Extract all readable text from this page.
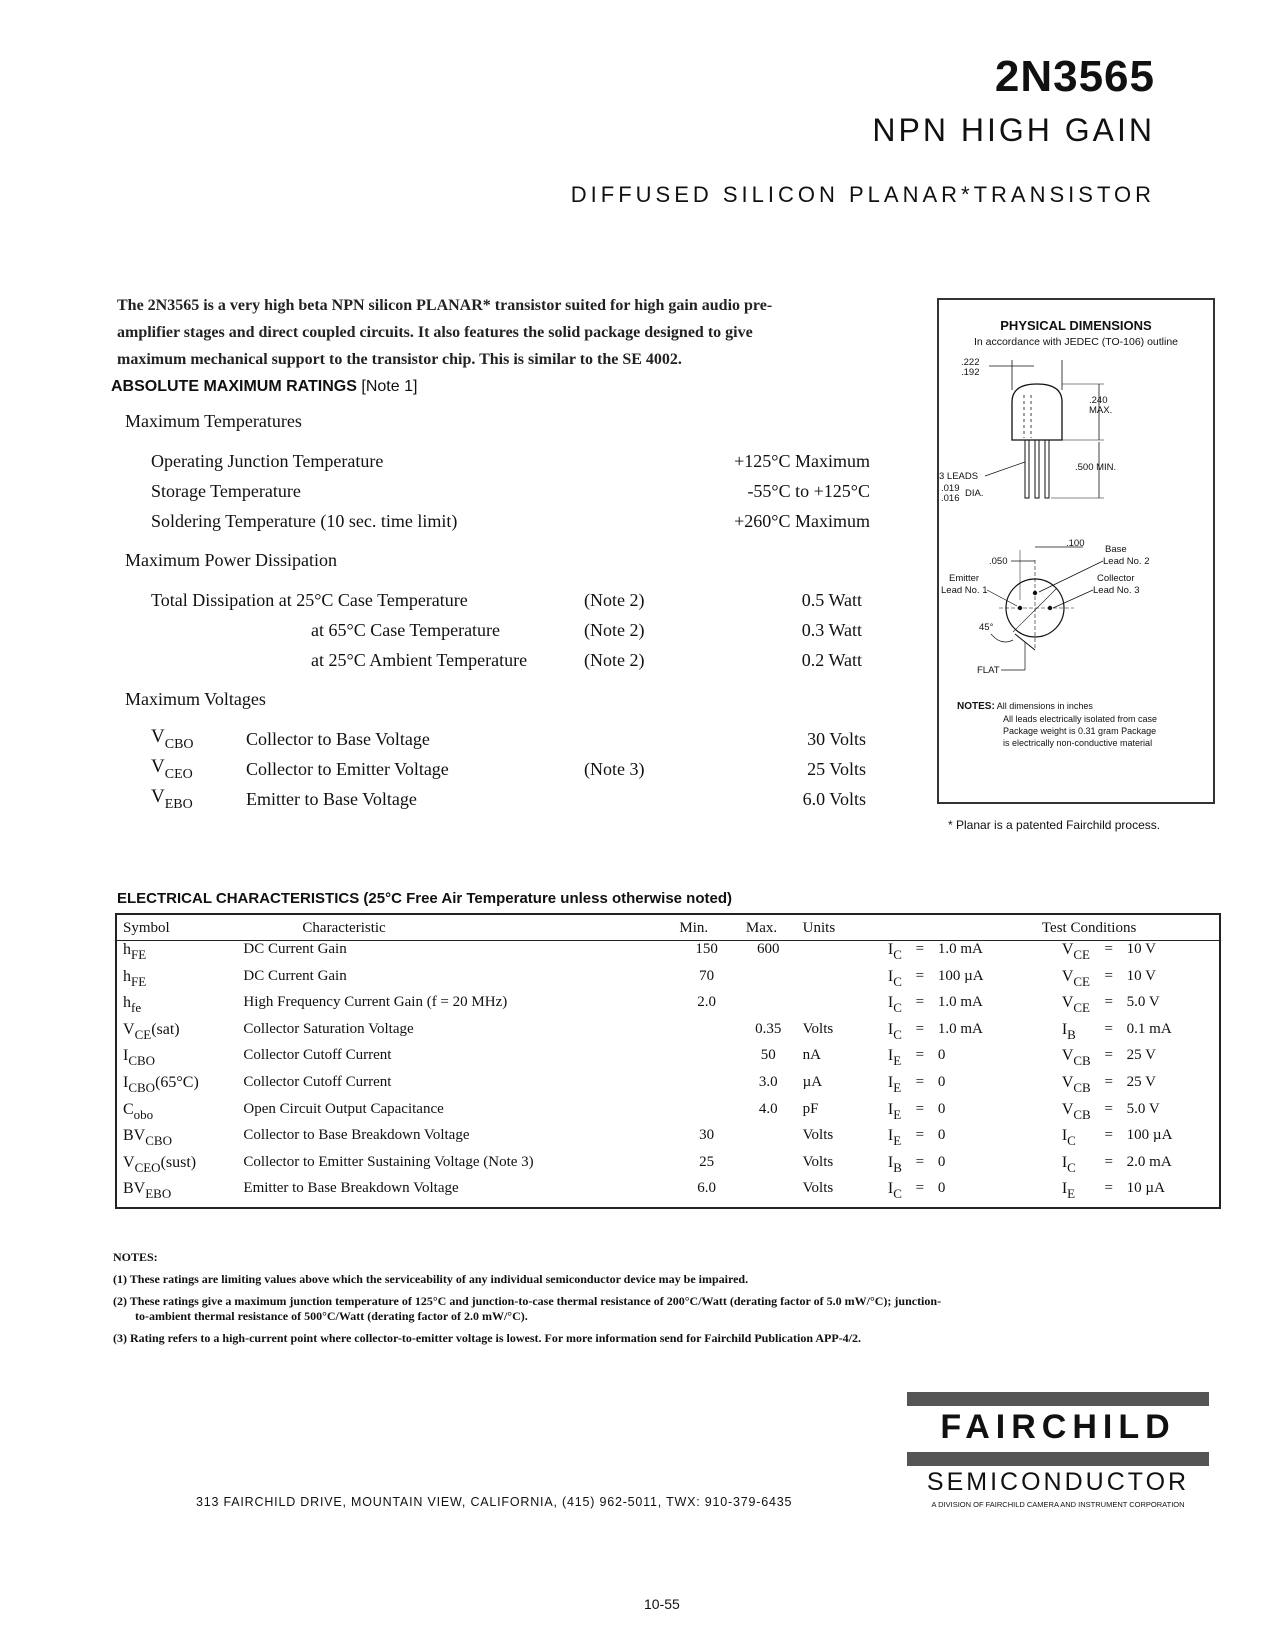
2N3565
NPN HIGH GAIN
DIFFUSED SILICON PLANAR*TRANSISTOR
The 2N3565 is a very high beta NPN silicon PLANAR* transistor suited for high gain audio pre-
amplifier stages and direct coupled circuits. It also features the solid package designed to give
maximum mechanical support to the transistor chip. This is similar to the SE 4002.
ABSOLUTE MAXIMUM RATINGS [Note 1]
Maximum Temperatures
Operating Junction Temperature	+125°C Maximum
Storage Temperature	-55°C to +125°C
Soldering Temperature (10 sec. time limit)	+260°C Maximum
Maximum Power Dissipation
Total Dissipation at 25°C Case Temperature	(Note 2)	0.5 Watt
at 65°C Case Temperature	(Note 2)	0.3 Watt
at 25°C Ambient Temperature	(Note 2)	0.2 Watt
Maximum Voltages
$V_{CBO}$	Collector to Base Voltage	30 Volts
$V_{CEO}$	Collector to Emitter Voltage	(Note 3)	25 Volts
$V_{EBO}$	Emitter to Base Voltage	6.0 Volts
PHYSICAL DIMENSIONS
In accordance with JEDEC (TO-106) outline
.222
.192
.240
MAX.
.500 MIN.
3 LEADS
.019 DIA.
.016
.100
.050
Base
Lead No. 2
Collector
Lead No. 3
Emitter
Lead No. 1
45°
FLAT
NOTES: All dimensions in inches
All leads electrically isolated from case
Package weight is 0.31 gram Package
is electrically non-conductive material
* Planar is a patented Fairchild process.
ELECTRICAL CHARACTERISTICS (25°C Free Air Temperature unless otherwise noted)
Symbol	Characteristic	Min.	Max.	Units	Test Conditions					
$h_{FE}$	DC Current Gain	150	600		$I_C$	=	1.0 mA	$V_{CE}$	=	10 V
$h_{FE}$	DC Current Gain	70			$I_C$	=	100 µA	$V_{CE}$	=	10 V
$h_{fe}$	High Frequency Current Gain (f = 20 MHz)	2.0			$I_C$	=	1.0 mA	$V_{CE}$	=	5.0 V
$V_{CE}(sat)$	Collector Saturation Voltage		0.35	Volts	$I_C$	=	1.0 mA	$I_B$	=	0.1 mA
$I_{CBO}$	Collector Cutoff Current		50	nA	$I_E$	=	0	$V_{CB}$	=	25 V
$I_{CBO}(65^\circ C)$	Collector Cutoff Current		3.0	µA	$I_E$	=	0	$V_{CB}$	=	25 V
$C_{obo}$	Open Circuit Output Capacitance		4.0	pF	$I_E$	=	0	$V_{CB}$	=	5.0 V
$BV_{CBO}$	Collector to Base Breakdown Voltage	30		Volts	$I_E$	=	0	$I_C$	=	100 µA
$V_{CEO}(sust)$	Collector to Emitter Sustaining Voltage (Note 3)	25		Volts	$I_B$	=	0	$I_C$	=	2.0 mA
$BV_{EBO}$	Emitter to Base Breakdown Voltage	6.0		Volts	$I_C$	=	0	$I_E$	=	10 µA

NOTES:

(1) These ratings are limiting values above which the serviceability of any individual semiconductor device may be impaired.

(2) These ratings give a maximum junction temperature of 125°C and junction-to-case thermal resistance of 200°C/Watt (derating factor of 5.0 mW/°C); junction-

to-ambient thermal resistance of 500°C/Watt (derating factor of 2.0 mW/°C).

(3) Rating refers to a high-current point where collector-to-emitter voltage is lowest. For more information send for Fairchild Publication APP-4/2.

313 FAIRCHILD DRIVE, MOUNTAIN VIEW, CALIFORNIA, (415) 962-5011, TWX: 910-379-6435
FAIRCHILD
SEMICONDUCTOR
A DIVISION OF FAIRCHILD CAMERA AND INSTRUMENT CORPORATION
10-55
